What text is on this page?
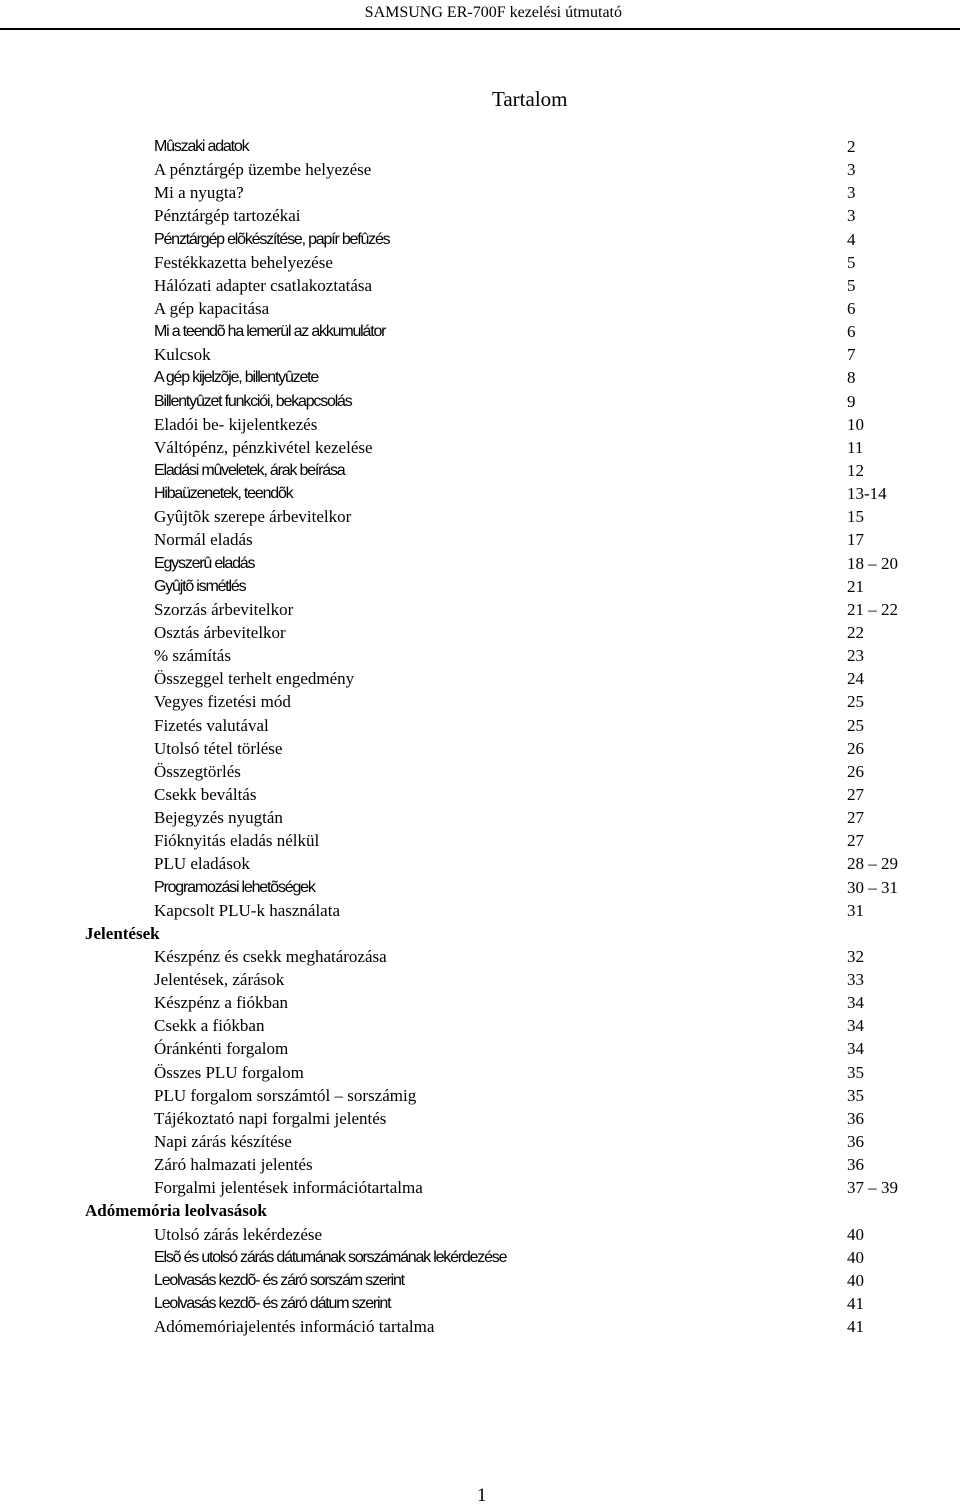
SAMSUNG ER-700F kezelési útmutató
Tartalom
Mûszaki adatok	2
A pénztárgép üzembe helyezése	3
Mi a nyugta?	3
Pénztárgép tartozékai	3
Pénztárgép elõkészítése, papír befûzés	4
Festékkazetta behelyezése	5
Hálózati adapter csatlakoztatása	5
A gép kapacitása	6
Mi a teendõ ha lemerül az akkumulátor	6
Kulcsok	7
A gép kijelzõje, billentyûzete	8
Billentyûzet funkciói, bekapcsolás	9
Eladói be- kijelentkezés	10
Váltópénz, pénzkivétel kezelése	11
Eladási mûveletek, árak beírása	12
Hibaüzenetek, teendõk	13-14
Gyûjtõk szerepe árbevitelkor	15
Normál eladás	17
Egyszerû eladás	18 – 20
Gyûjtõ ismétlés	21
Szorzás árbevitelkor	21 – 22
Osztás árbevitelkor	22
% számítás	23
Összeggel terhelt engedmény	24
Vegyes fizetési mód	25
Fizetés valutával	25
Utolsó tétel törlése	26
Összegtörlés	26
Csekk beváltás	27
Bejegyzés nyugtán	27
Fióknyitás eladás nélkül	27
PLU eladások	28 – 29
Programozási lehetõségek	30 – 31
Kapcsolt PLU-k használata	31
Jelentések
Készpénz és csekk meghatározása	32
Jelentések, zárások	33
Készpénz a fiókban	34
Csekk a fiókban	34
Óránkénti forgalom	34
Összes PLU forgalom	35
PLU forgalom sorszámtól – sorszámig	35
Tájékoztató napi forgalmi jelentés	36
Napi zárás készítése	36
Záró halmazati jelentés	36
Forgalmi jelentések információtartalma	37 – 39
Adómemória leolvasások
Utolsó zárás lekérdezése	40
Elsõ és utolsó zárás dátumának sorszámának lekérdezése	40
Leolvasás kezdõ- és záró sorszám szerint	40
Leolvasás kezdõ- és záró dátum szerint	41
Adómemóriajelentés információ tartalma	41
1
